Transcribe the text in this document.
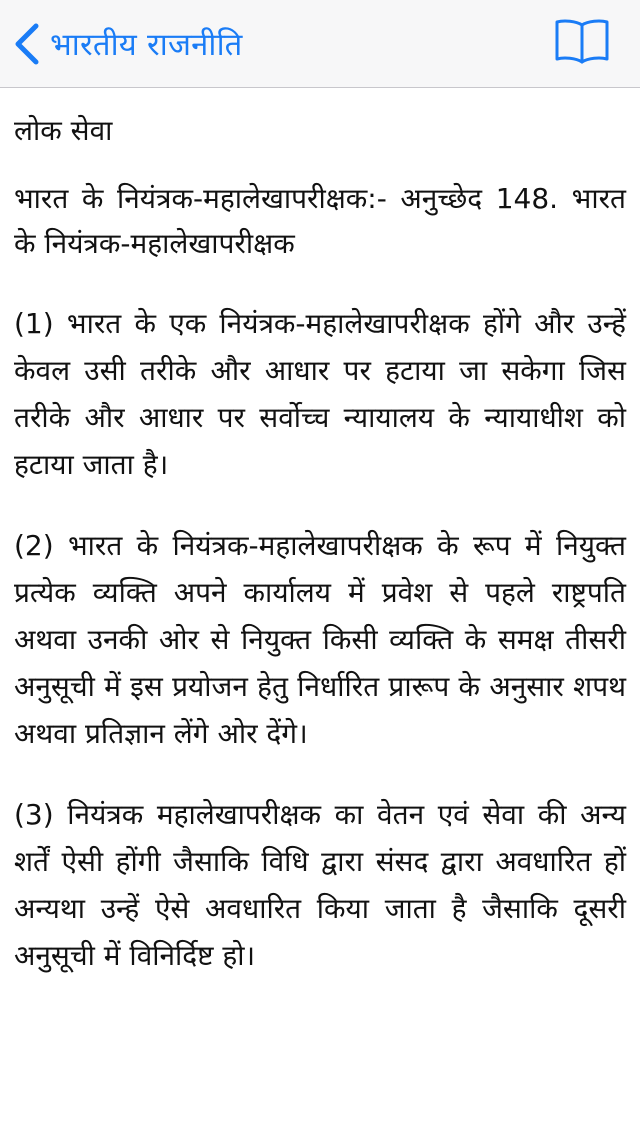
भारतीय राजनीति
लोक सेवा
भारत के नियंत्रक-महालेखापरीक्षक:- अनुच्छेद 148. भारत के नियंत्रक-महालेखापरीक्षक
(1) भारत के एक नियंत्रक-महालेखापरीक्षक होंगे और उन्हें केवल उसी तरीके और आधार पर हटाया जा सकेगा जिस तरीके और आधार पर सर्वोच्च न्यायालय के न्यायाधीश को हटाया जाता है।
(2) भारत के नियंत्रक-महालेखापरीक्षक के रूप में नियुक्त प्रत्येक व्यक्ति अपने कार्यालय में प्रवेश से पहले राष्ट्रपति अथवा उनकी ओर से नियुक्त किसी व्यक्ति के समक्ष तीसरी अनुसूची में इस प्रयोजन हेतु निर्धारित प्रारूप के अनुसार शपथ अथवा प्रतिज्ञान लेंगे ओर देंगे।
(3) नियंत्रक महालेखापरीक्षक का वेतन एवं सेवा की अन्य शर्तें ऐसी होंगी जैसाकि विधि द्वारा संसद द्वारा अवधारित हों अन्यथा उन्हें ऐसे अवधारित किया जाता है जैसाकि दूसरी अनुसूची में विनिर्दिष्ट हो।
